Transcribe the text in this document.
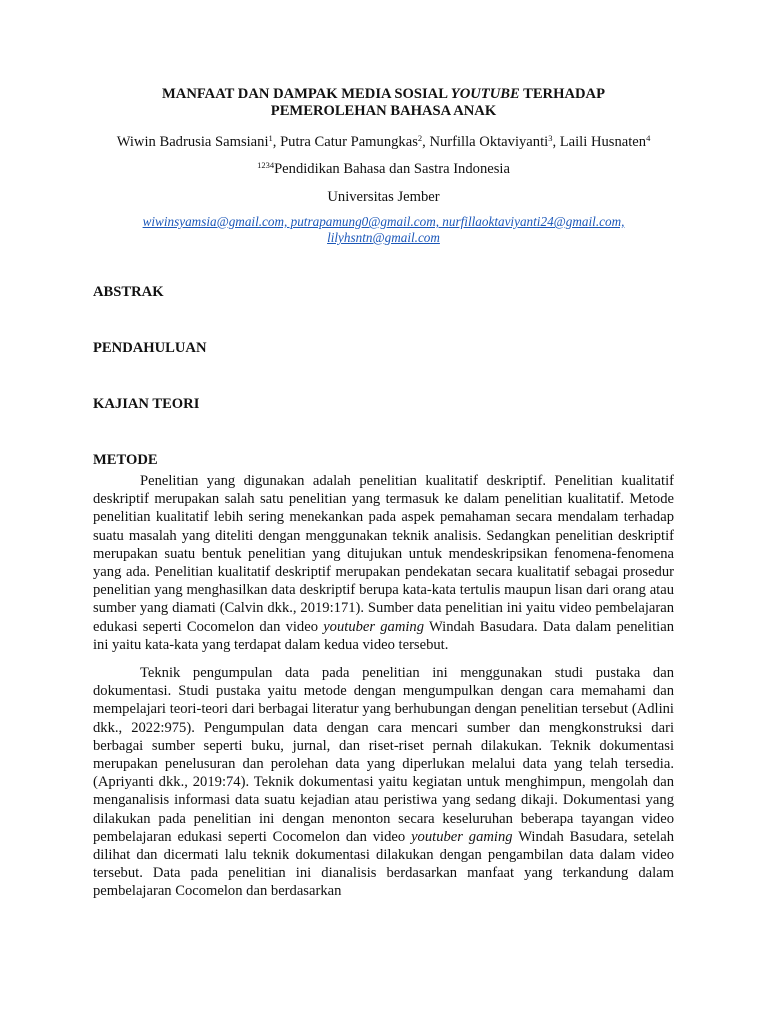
MANFAAT DAN DAMPAK MEDIA SOSIAL YOUTUBE TERHADAP
PEMEROLEHAN BAHASA ANAK
Wiwin Badrusia Samsiani$^1$, Putra Catur Pamungkas$^2$, Nurfilla Oktaviyanti$^3$, Laili Husnaten$^4$
$^{1234}$Pendidikan Bahasa dan Sastra Indonesia
Universitas Jember
wiwinsyamsia@gmail.com, putrapamung0@gmail.com, nurfillaoktaviyanti24@gmail.com,
lilyhsntn@gmail.com
ABSTRAK
PENDAHULUAN
KAJIAN TEORI
METODE

Penelitian yang digunakan adalah penelitian kualitatif deskriptif. Penelitian kualitatif deskriptif merupakan salah satu penelitian yang termasuk ke dalam penelitian kualitatif. Metode penelitian kualitatif lebih sering menekankan pada aspek pemahaman secara mendalam terhadap suatu masalah yang diteliti dengan menggunakan teknik analisis. Sedangkan penelitian deskriptif merupakan suatu bentuk penelitian yang ditujukan untuk mendeskripsikan fenomena-fenomena yang ada. Penelitian kualitatif deskriptif merupakan pendekatan secara kualitatif sebagai prosedur penelitian yang menghasilkan data deskriptif berupa kata-kata tertulis maupun lisan dari orang atau sumber yang diamati (Calvin dkk., 2019:171). Sumber data penelitian ini yaitu video pembelajaran edukasi seperti Cocomelon dan video youtuber gaming Windah Basudara. Data dalam penelitian ini yaitu kata-kata yang terdapat dalam kedua video tersebut.

Teknik pengumpulan data pada penelitian ini menggunakan studi pustaka dan dokumentasi. Studi pustaka yaitu metode dengan mengumpulkan dengan cara memahami dan mempelajari teori-teori dari berbagai literatur yang berhubungan dengan penelitian tersebut (Adlini dkk., 2022:975). Pengumpulan data dengan cara mencari sumber dan mengkonstruksi dari berbagai sumber seperti buku, jurnal, dan riset-riset pernah dilakukan. Teknik dokumentasi merupakan penelusuran dan perolehan data yang diperlukan melalui data yang telah tersedia. (Apriyanti dkk., 2019:74). Teknik dokumentasi yaitu kegiatan untuk menghimpun, mengolah dan menganalisis informasi data suatu kejadian atau peristiwa yang sedang dikaji. Dokumentasi yang dilakukan pada penelitian ini dengan menonton secara keseluruhan beberapa tayangan video pembelajaran edukasi seperti Cocomelon dan video youtuber gaming Windah Basudara, setelah dilihat dan dicermati lalu teknik dokumentasi dilakukan dengan pengambilan data dalam video tersebut. Data pada penelitian ini dianalisis berdasarkan manfaat yang terkandung dalam pembelajaran Cocomelon dan berdasarkan
